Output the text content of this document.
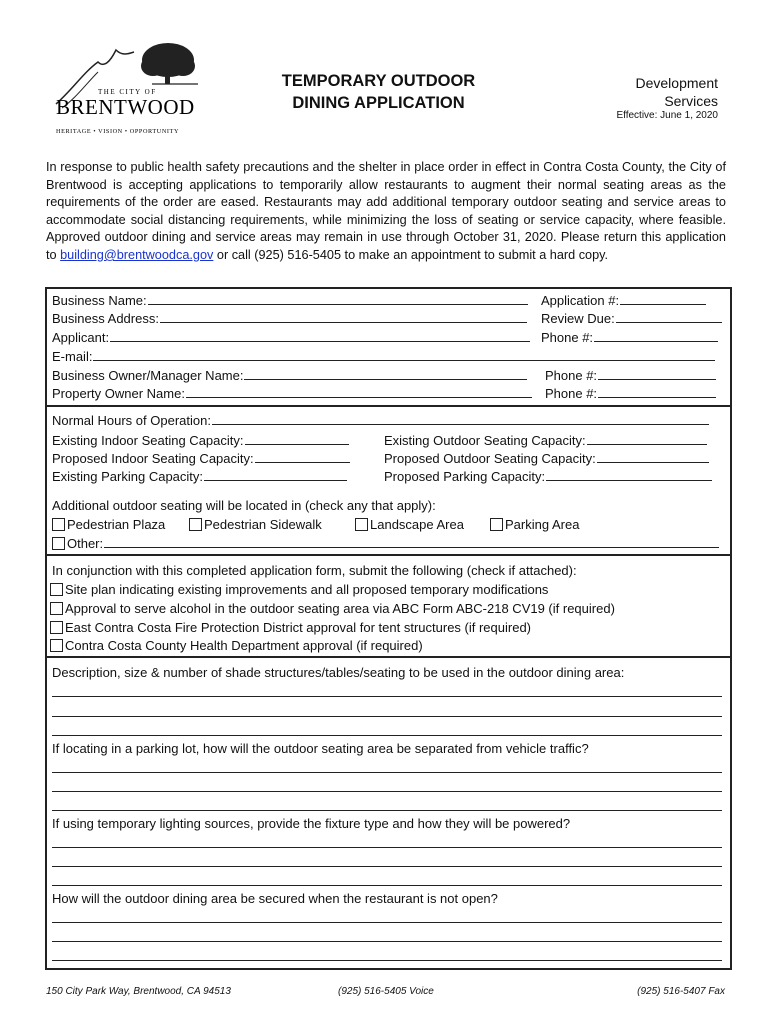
THE CITY OF
BRENTWOOD
HERITAGE • VISION • OPPORTUNITY
TEMPORARY OUTDOOR
DINING APPLICATION
Development
Services
Effective: June 1, 2020
In response to public health safety precautions and the shelter in place order in effect in Contra Costa County, the City of Brentwood is accepting applications to temporarily allow restaurants to augment their normal seating areas as the requirements of the order are eased. Restaurants may add additional temporary outdoor seating and service areas to accommodate social distancing requirements, while minimizing the loss of seating or service capacity, where feasible. Approved outdoor dining and service areas may remain in use through October 31, 2020. Please return this application to building@brentwoodca.gov or call (925) 516-5405 to make an appointment to submit a hard copy.
Business Name:	Application #:
Business Address:	Review Due:
Applicant:	Phone #:
E-mail:
Business Owner/Manager Name:	Phone #:
Property Owner Name:	Phone #:
Normal Hours of Operation:
Existing Indoor Seating Capacity:	Existing Outdoor Seating Capacity:
Proposed Indoor Seating Capacity:	Proposed Outdoor Seating Capacity:
Existing Parking Capacity:	Proposed Parking Capacity:
Additional outdoor seating will be located in (check any that apply):
Pedestrian Plaza	Pedestrian Sidewalk	Landscape Area	Parking Area
Other:
In conjunction with this completed application form, submit the following (check if attached):
Site plan indicating existing improvements and all proposed temporary modifications
Approval to serve alcohol in the outdoor seating area via ABC Form ABC-218 CV19 (if required)
East Contra Costa Fire Protection District approval for tent structures (if required)
Contra Costa County Health Department approval (if required)
Description, size & number of shade structures/tables/seating to be used in the outdoor dining area:
If locating in a parking lot, how will the outdoor seating area be separated from vehicle traffic?
If using temporary lighting sources, provide the fixture type and how they will be powered?
How will the outdoor dining area be secured when the restaurant is not open?
150 City Park Way, Brentwood, CA 94513	(925) 516-5405 Voice	(925) 516-5407 Fax
